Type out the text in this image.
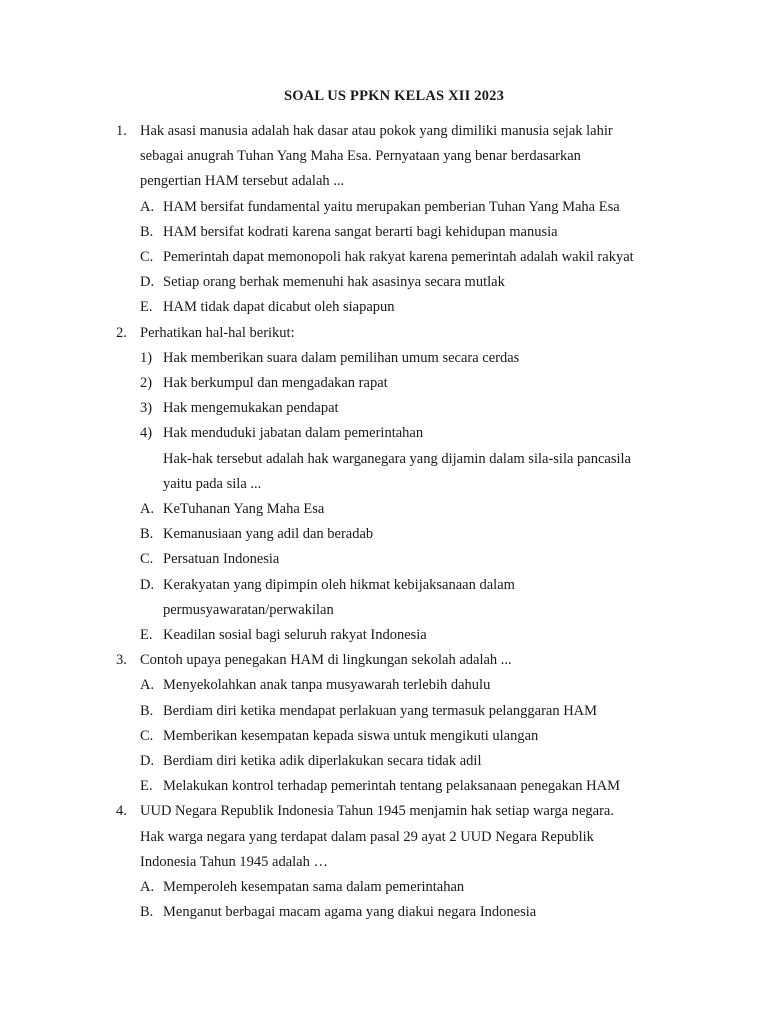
SOAL US PPKN KELAS XII 2023
1. Hak asasi manusia adalah hak dasar atau pokok yang dimiliki manusia sejak lahir
sebagai anugrah Tuhan Yang Maha Esa. Pernyataan yang benar berdasarkan
pengertian HAM tersebut adalah ...
A. HAM bersifat fundamental yaitu merupakan pemberian Tuhan Yang Maha Esa
B. HAM bersifat kodrati karena sangat berarti bagi kehidupan manusia
C. Pemerintah dapat memonopoli hak rakyat karena pemerintah adalah wakil rakyat
D. Setiap orang berhak memenuhi hak asasinya secara mutlak
E. HAM tidak dapat dicabut oleh siapapun
2. Perhatikan hal-hal berikut:
1) Hak memberikan suara dalam pemilihan umum secara cerdas
2) Hak berkumpul dan mengadakan rapat
3) Hak mengemukakan pendapat
4) Hak menduduki jabatan dalam pemerintahan
Hak-hak tersebut adalah hak warganegara yang dijamin dalam sila-sila pancasila
yaitu pada sila ...
A. KeTuhanan Yang Maha Esa
B. Kemanusiaan yang adil dan beradab
C. Persatuan Indonesia
D. Kerakyatan yang dipimpin oleh hikmat kebijaksanaan dalam
permusyawaratan/perwakilan
E. Keadilan sosial bagi seluruh rakyat Indonesia
3. Contoh upaya penegakan HAM di lingkungan sekolah adalah ...
A. Menyekolahkan anak tanpa musyawarah terlebih dahulu
B. Berdiam diri ketika mendapat perlakuan yang termasuk pelanggaran HAM
C. Memberikan kesempatan kepada siswa untuk mengikuti ulangan
D. Berdiam diri ketika adik diperlakukan secara tidak adil
E. Melakukan kontrol terhadap pemerintah tentang pelaksanaan penegakan HAM
4. UUD Negara Republik Indonesia Tahun 1945 menjamin hak setiap warga negara.
Hak warga negara yang terdapat dalam pasal 29 ayat 2 UUD Negara Republik
Indonesia Tahun 1945 adalah …
A. Memperoleh kesempatan sama dalam pemerintahan
B. Menganut berbagai macam agama yang diakui negara Indonesia
